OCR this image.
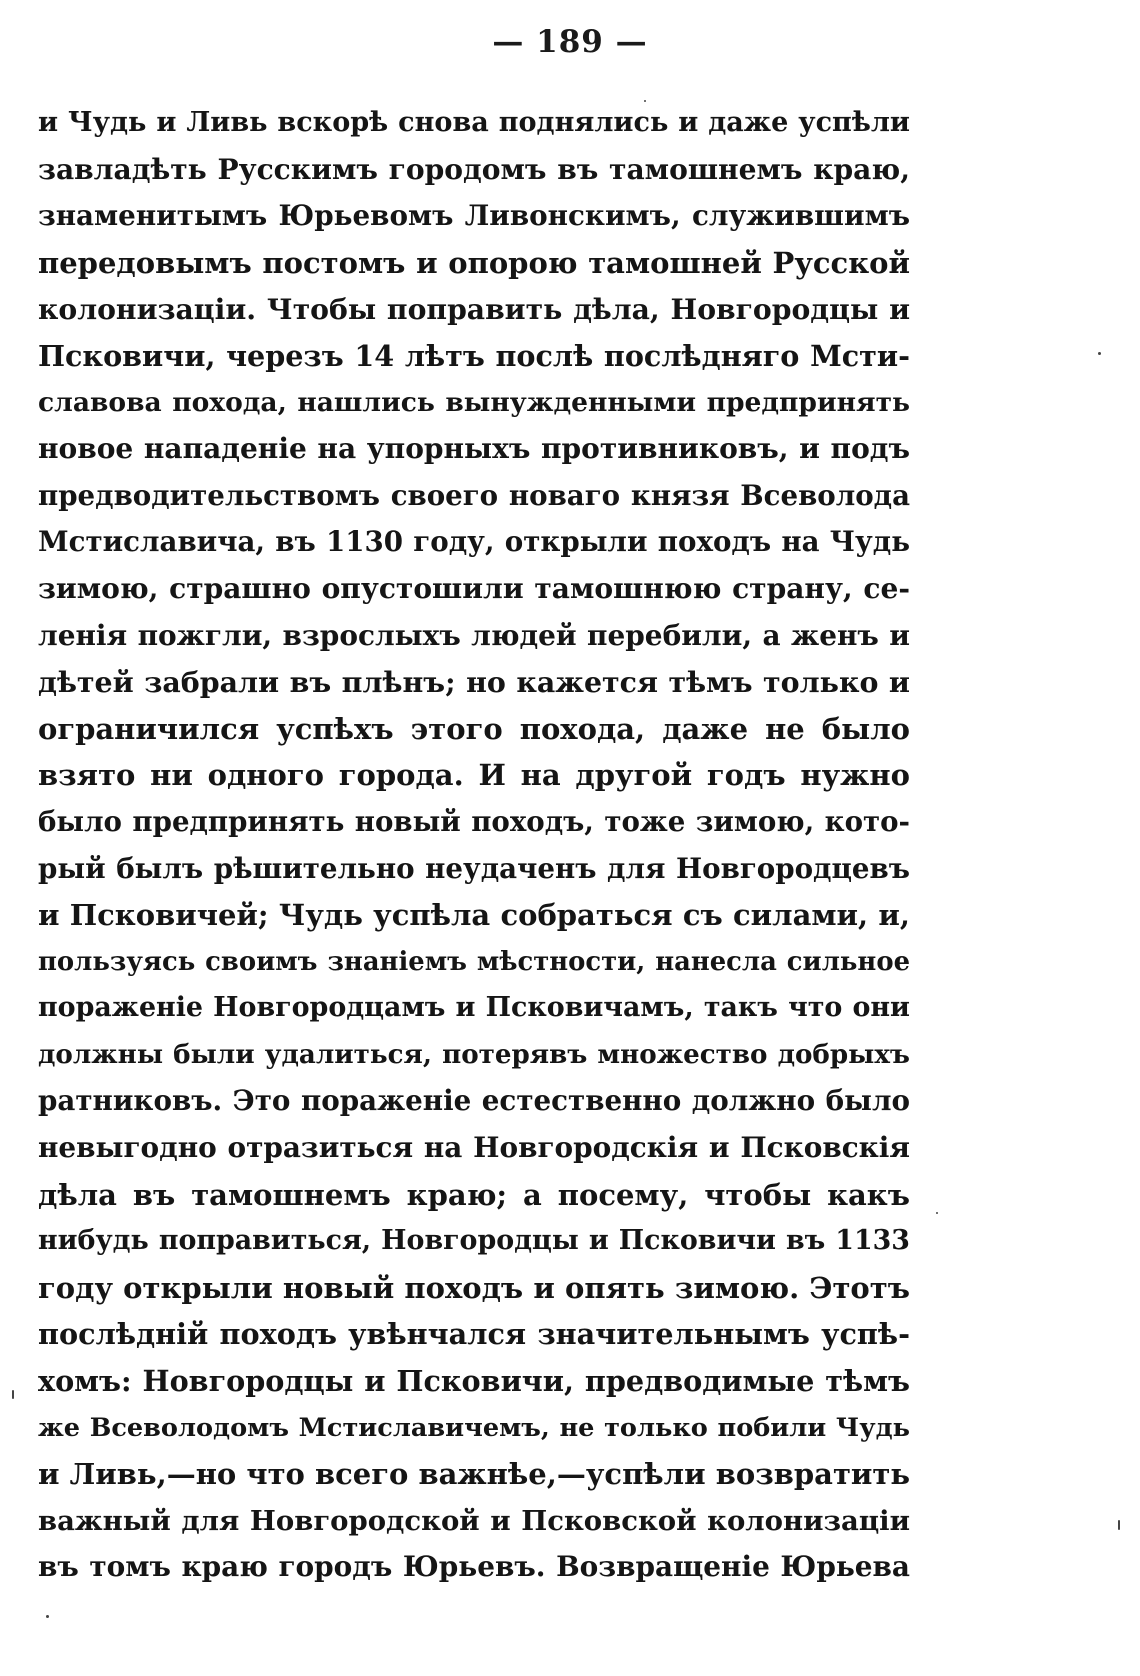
— 189 —
и Чудь и Ливь вскорѣ снова поднялись и даже успѣли
завладѣть Русскимъ городомъ въ тамошнемъ краю,
знаменитымъ Юрьевомъ Ливонскимъ, служившимъ
передовымъ постомъ и опорою тамошней Русской
колонизаціи. Чтобы поправить дѣла, Новгородцы и
Псковичи, черезъ 14 лѣтъ послѣ послѣдняго Мсти-
славова похода, нашлись вынужденными предпринять
новое нападеніе на упорныхъ противниковъ, и подъ
предводительствомъ своего новаго князя Всеволода
Мстиславича, въ 1130 году, открыли походъ на Чудь
зимою, страшно опустошили тамошнюю страну, се-
ленія пожгли, взрослыхъ людей перебили, а женъ и
дѣтей забрали въ плѣнъ; но кажется тѣмъ только и
ограничился успѣхъ этого похода, даже не было
взято ни одного города. И на другой годъ нужно
было предпринять новый походъ, тоже зимою, кото-
рый былъ рѣшительно неудаченъ для Новгородцевъ
и Псковичей; Чудь успѣла собраться съ силами, и,
пользуясь своимъ знаніемъ мѣстности, нанесла сильное
пораженіе Новгородцамъ и Псковичамъ, такъ что они
должны были удалиться, потерявъ множество добрыхъ
ратниковъ. Это пораженіе естественно должно было
невыгодно отразиться на Новгородскія и Псковскія
дѣла въ тамошнемъ краю; а посему, чтобы какъ
нибудь поправиться, Новгородцы и Псковичи въ 1133
году открыли новый походъ и опять зимою. Этотъ
послѣдній походъ увѣнчался значительнымъ успѣ-
хомъ: Новгородцы и Псковичи, предводимые тѣмъ
же Всеволодомъ Мстиславичемъ, не только побили Чудь
и Ливь,—но что всего важнѣе,—успѣли возвратить
важный для Новгородской и Псковской колонизаціи
въ томъ краю городъ Юрьевъ. Возвращеніе Юрьева
